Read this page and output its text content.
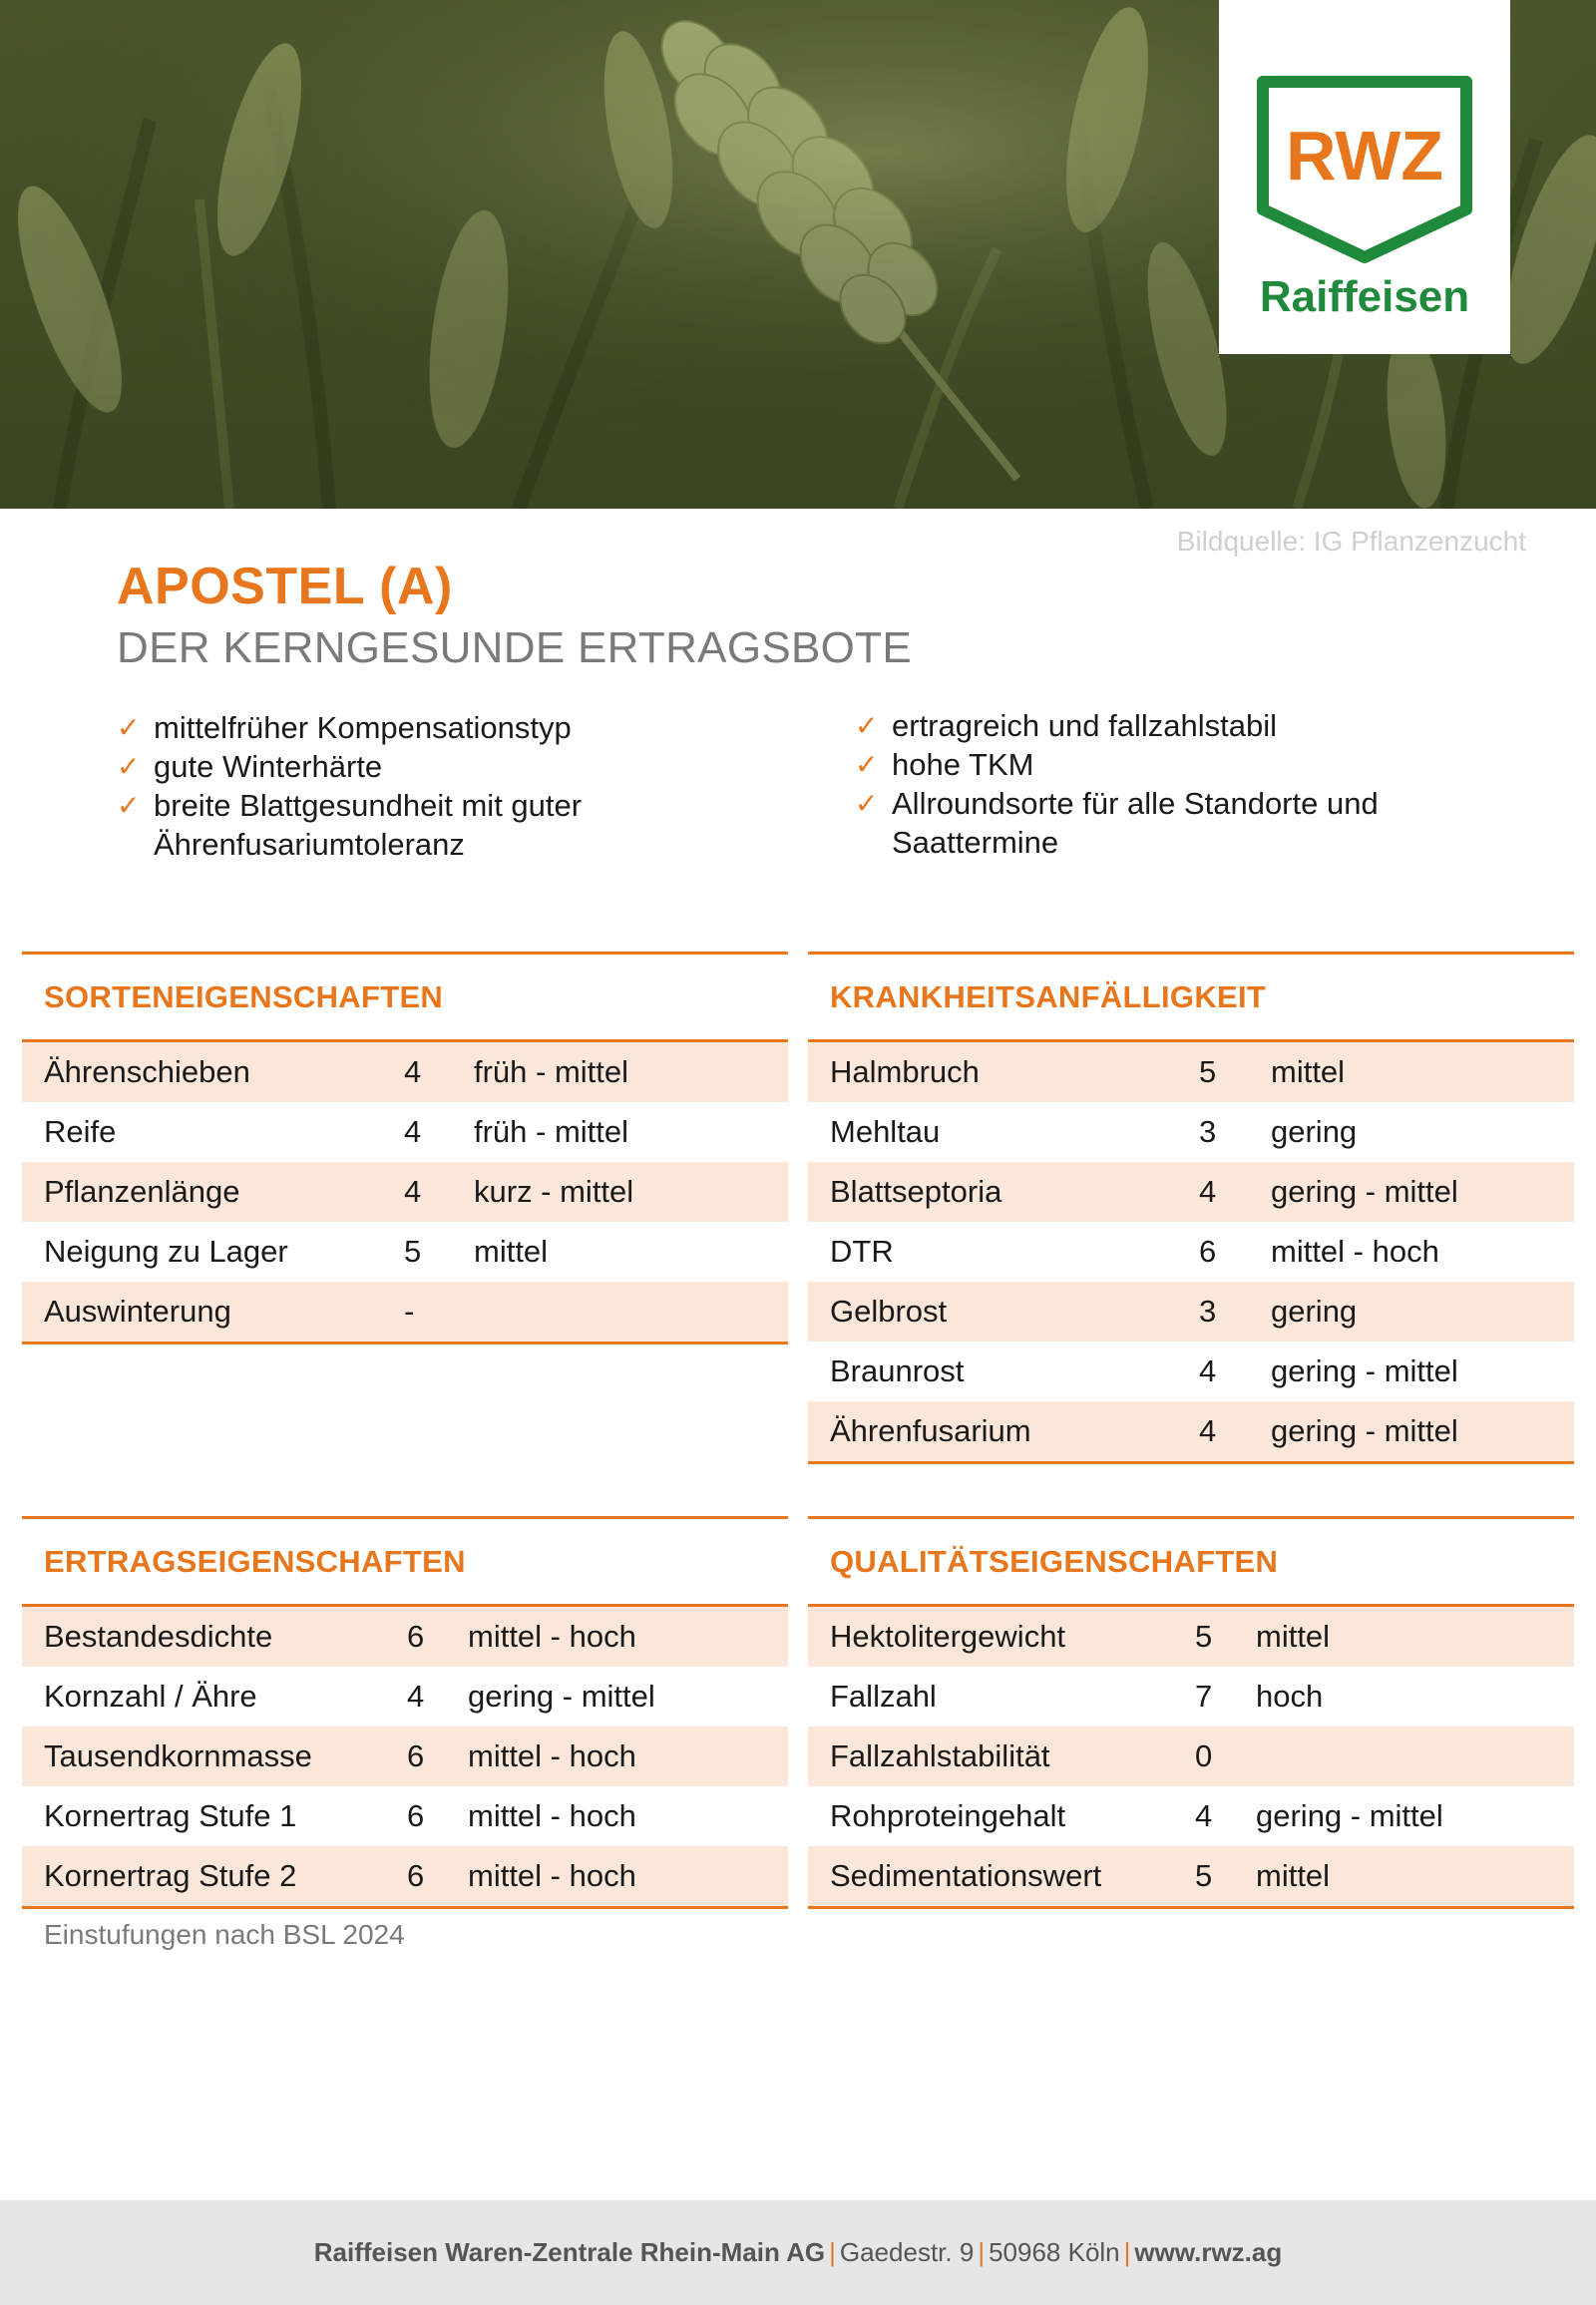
RWZ
Raiffeisen
Bildquelle: IG Pflanzenzucht
APOSTEL (A)
DER KERNGESUNDE ERTRAGSBOTE
✓ mittelfrüher Kompensationstyp
✓ gute Winterhärte
✓ breite Blattgesundheit mit guter Ährenfusariumtoleranz
✓ ertragreich und fallzahlstabil
✓ hohe TKM
✓ Allroundsorte für alle Standorte und Saattermine
SORTENEIGENSCHAFTEN
Ährenschieben	4 früh - mittel
Reife	4 früh - mittel
Pflanzenlänge	4 kurz - mittel
Neigung zu Lager	5 mittel
Auswinterung	-
KRANKHEITSANFÄLLIGKEIT
Halmbruch	5 mittel
Mehltau	3 gering
Blattseptoria	4 gering - mittel
DTR	6 mittel - hoch
Gelbrost	3 gering
Braunrost	4 gering - mittel
Ährenfusarium	4 gering - mittel
ERTRAGSEIGENSCHAFTEN
Bestandesdichte	6 mittel - hoch
Kornzahl / Ähre	4 gering - mittel
Tausendkornmasse	6 mittel - hoch
Kornertrag Stufe 1	6 mittel - hoch
Kornertrag Stufe 2	6 mittel - hoch
QUALITÄTSEIGENSCHAFTEN
Hektolitergewicht	5 mittel
Fallzahl	7 hoch
Fallzahlstabilität	0
Rohproteingehalt	4 gering - mittel
Sedimentationswert	5 mittel
Einstufungen nach BSL 2024
Raiffeisen Waren-Zentrale Rhein-Main AG | Gaedestr. 9 | 50968 Köln | www.rwz.ag
